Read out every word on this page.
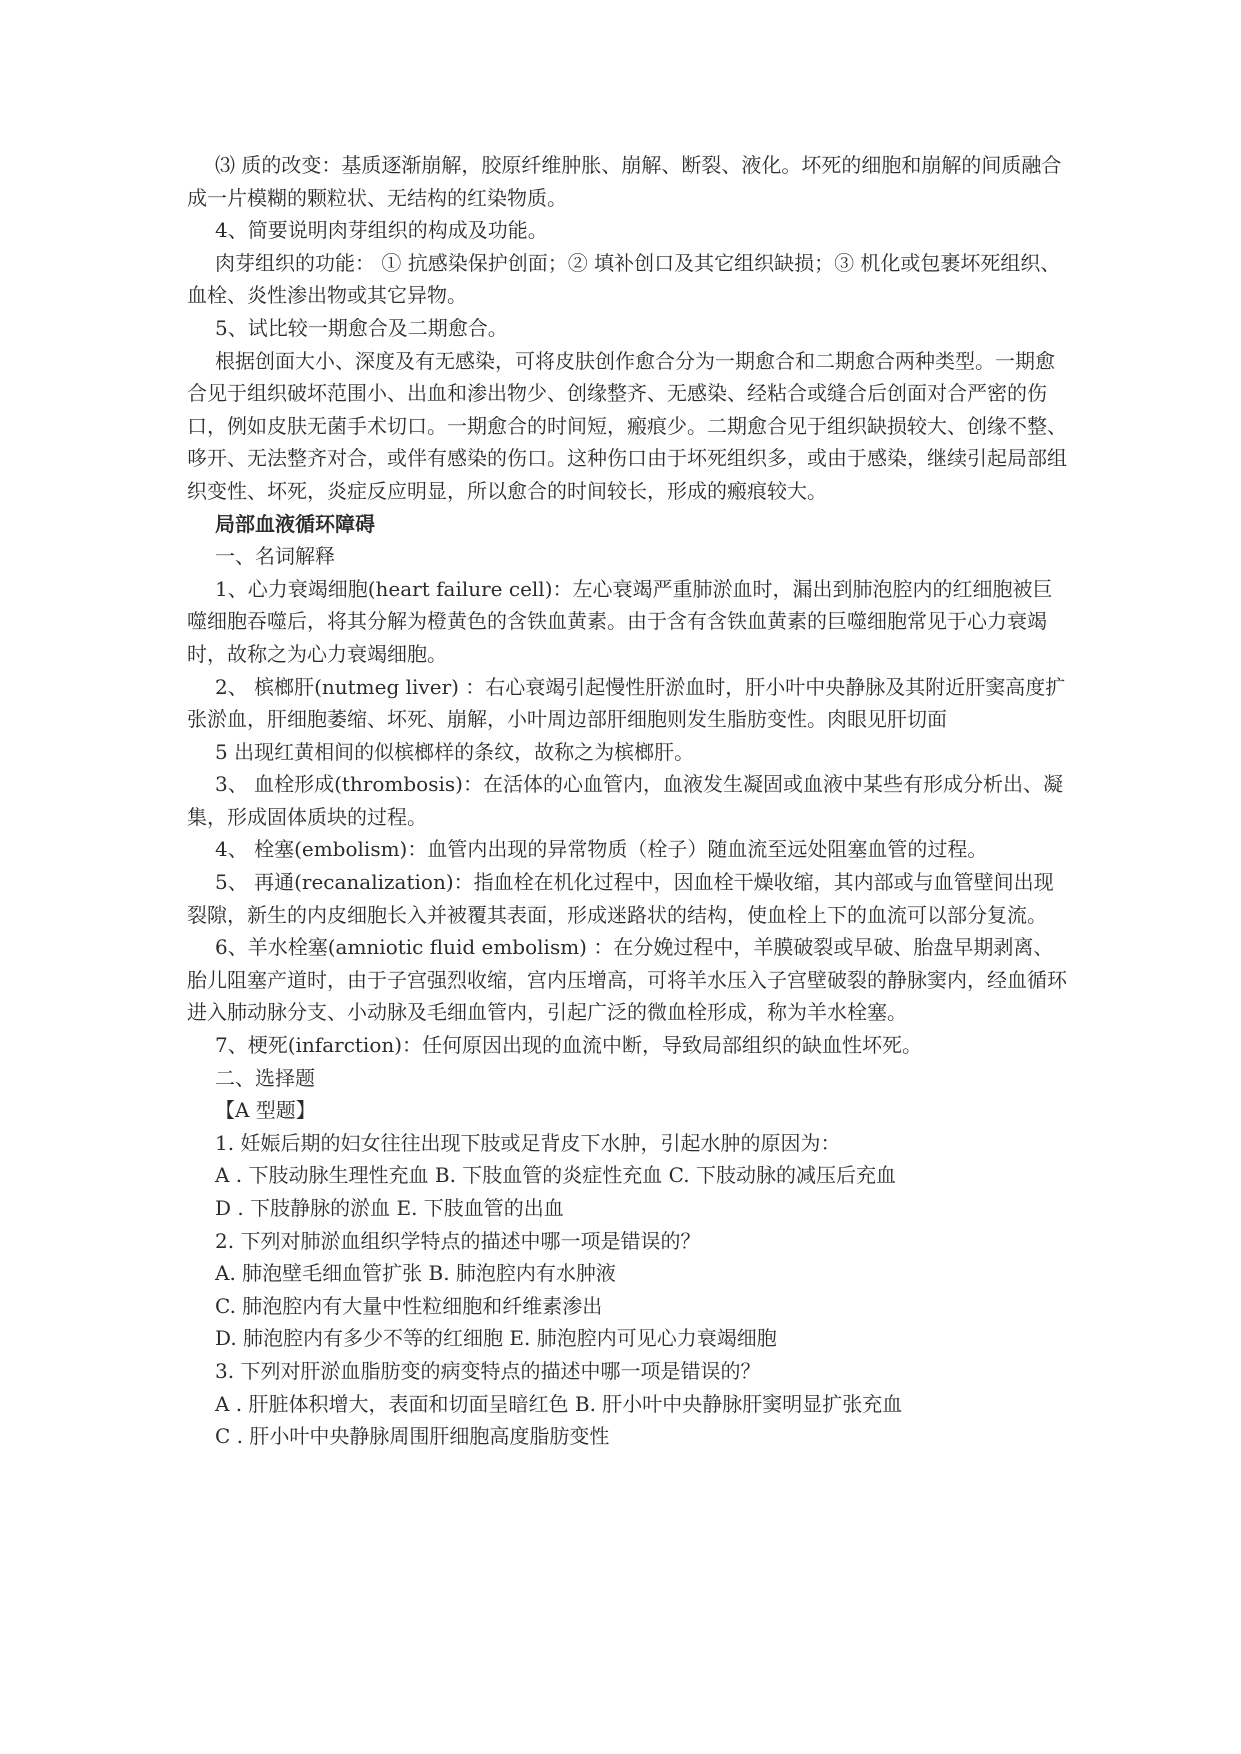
⑶ 质的改变：基质逐渐崩解，胶原纤维肿胀、崩解、断裂、液化。坏死的细胞和崩解的间质融合成一片模糊的颗粒状、无结构的红染物质。

4、简要说明肉芽组织的构成及功能。

肉芽组织的功能： ① 抗感染保护创面；② 填补创口及其它组织缺损；③ 机化或包裹坏死组织、血栓、炎性渗出物或其它异物。

5、试比较一期愈合及二期愈合。

根据创面大小、深度及有无感染，可将皮肤创作愈合分为一期愈合和二期愈合两种类型。一期愈合见于组织破坏范围小、出血和渗出物少、创缘整齐、无感染、经粘合或缝合后创面对合严密的伤口，例如皮肤无菌手术切口。一期愈合的时间短，瘢痕少。二期愈合见于组织缺损较大、创缘不整、哆开、无法整齐对合，或伴有感染的伤口。这种伤口由于坏死组织多，或由于感染，继续引起局部组织变性、坏死，炎症反应明显，所以愈合的时间较长，形成的瘢痕较大。

局部血液循环障碍

一、名词解释

1、心力衰竭细胞(heart failure cell)：左心衰竭严重肺淤血时，漏出到肺泡腔内的红细胞被巨噬细胞吞噬后，将其分解为橙黄色的含铁血黄素。由于含有含铁血黄素的巨噬细胞常见于心力衰竭时，故称之为心力衰竭细胞。

2、 槟榔肝(nutmeg liver) ：右心衰竭引起慢性肝淤血时，肝小叶中央静脉及其附近肝窦高度扩张淤血，肝细胞萎缩、坏死、崩解，小叶周边部肝细胞则发生脂肪变性。肉眼见肝切面

5 出现红黄相间的似槟榔样的条纹，故称之为槟榔肝。

3、 血栓形成(thrombosis)：在活体的心血管内，血液发生凝固或血液中某些有形成分析出、凝集，形成固体质块的过程。

4、 栓塞(embolism)：血管内出现的异常物质（栓子）随血流至远处阻塞血管的过程。

5、 再通(recanalization)：指血栓在机化过程中，因血栓干燥收缩，其内部或与血管壁间出现裂隙，新生的内皮细胞长入并被覆其表面，形成迷路状的结构，使血栓上下的血流可以部分复流。

6、羊水栓塞(amniotic fluid embolism) ：在分娩过程中，羊膜破裂或早破、胎盘早期剥离、胎儿阻塞产道时，由于子宫强烈收缩，宫内压增高，可将羊水压入子宫壁破裂的静脉窦内，经血循环进入肺动脉分支、小动脉及毛细血管内，引起广泛的微血栓形成，称为羊水栓塞。

7、梗死(infarction)：任何原因出现的血流中断，导致局部组织的缺血性坏死。

二、选择题

【A 型题】

1. 妊娠后期的妇女往往出现下肢或足背皮下水肿，引起水肿的原因为：

A . 下肢动脉生理性充血 B. 下肢血管的炎症性充血 C. 下肢动脉的减压后充血

D . 下肢静脉的淤血 E. 下肢血管的出血

2. 下列对肺淤血组织学特点的描述中哪一项是错误的？

A. 肺泡壁毛细血管扩张 B. 肺泡腔内有水肿液

C. 肺泡腔内有大量中性粒细胞和纤维素渗出

D. 肺泡腔内有多少不等的红细胞 E. 肺泡腔内可见心力衰竭细胞

3. 下列对肝淤血脂肪变的病变特点的描述中哪一项是错误的？

A . 肝脏体积增大，表面和切面呈暗红色 B. 肝小叶中央静脉肝窦明显扩张充血

C . 肝小叶中央静脉周围肝细胞高度脂肪变性
